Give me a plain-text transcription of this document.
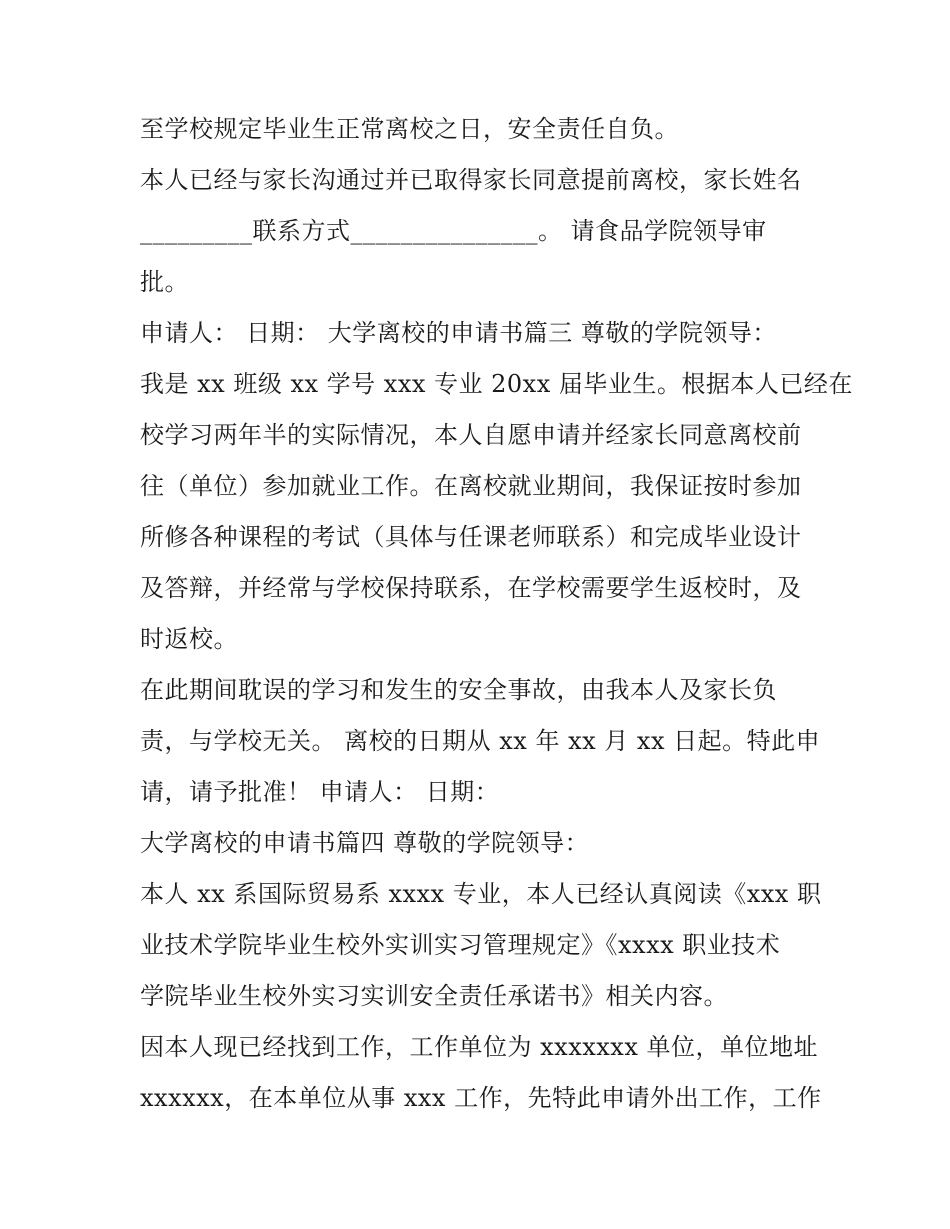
至学校规定毕业生正常离校之日，安全责任自负。
本人已经与家长沟通过并已取得家长同意提前离校，家长姓名
_________联系方式_______________。 请食品学院领导审
批。
申请人： 日期： 大学离校的申请书篇三 尊敬的学院领导：
我是 xx 班级 xx 学号 xxx 专业 20xx 届毕业生。根据本人已经在
校学习两年半的实际情况，本人自愿申请并经家长同意离校前
往（单位）参加就业工作。在离校就业期间，我保证按时参加
所修各种课程的考试（具体与任课老师联系）和完成毕业设计
及答辩，并经常与学校保持联系，在学校需要学生返校时，及
时返校。
在此期间耽误的学习和发生的安全事故，由我本人及家长负
责，与学校无关。 离校的日期从 xx 年 xx 月 xx 日起。特此申
请，请予批准！ 申请人： 日期：
大学离校的申请书篇四 尊敬的学院领导：
本人 xx 系国际贸易系 xxxx 专业，本人已经认真阅读《xxx 职
业技术学院毕业生校外实训实习管理规定》《xxxx 职业技术
学院毕业生校外实习实训安全责任承诺书》相关内容。
因本人现已经找到工作，工作单位为 xxxxxxx 单位，单位地址
xxxxxx，在本单位从事 xxx 工作，先特此申请外出工作，工作
